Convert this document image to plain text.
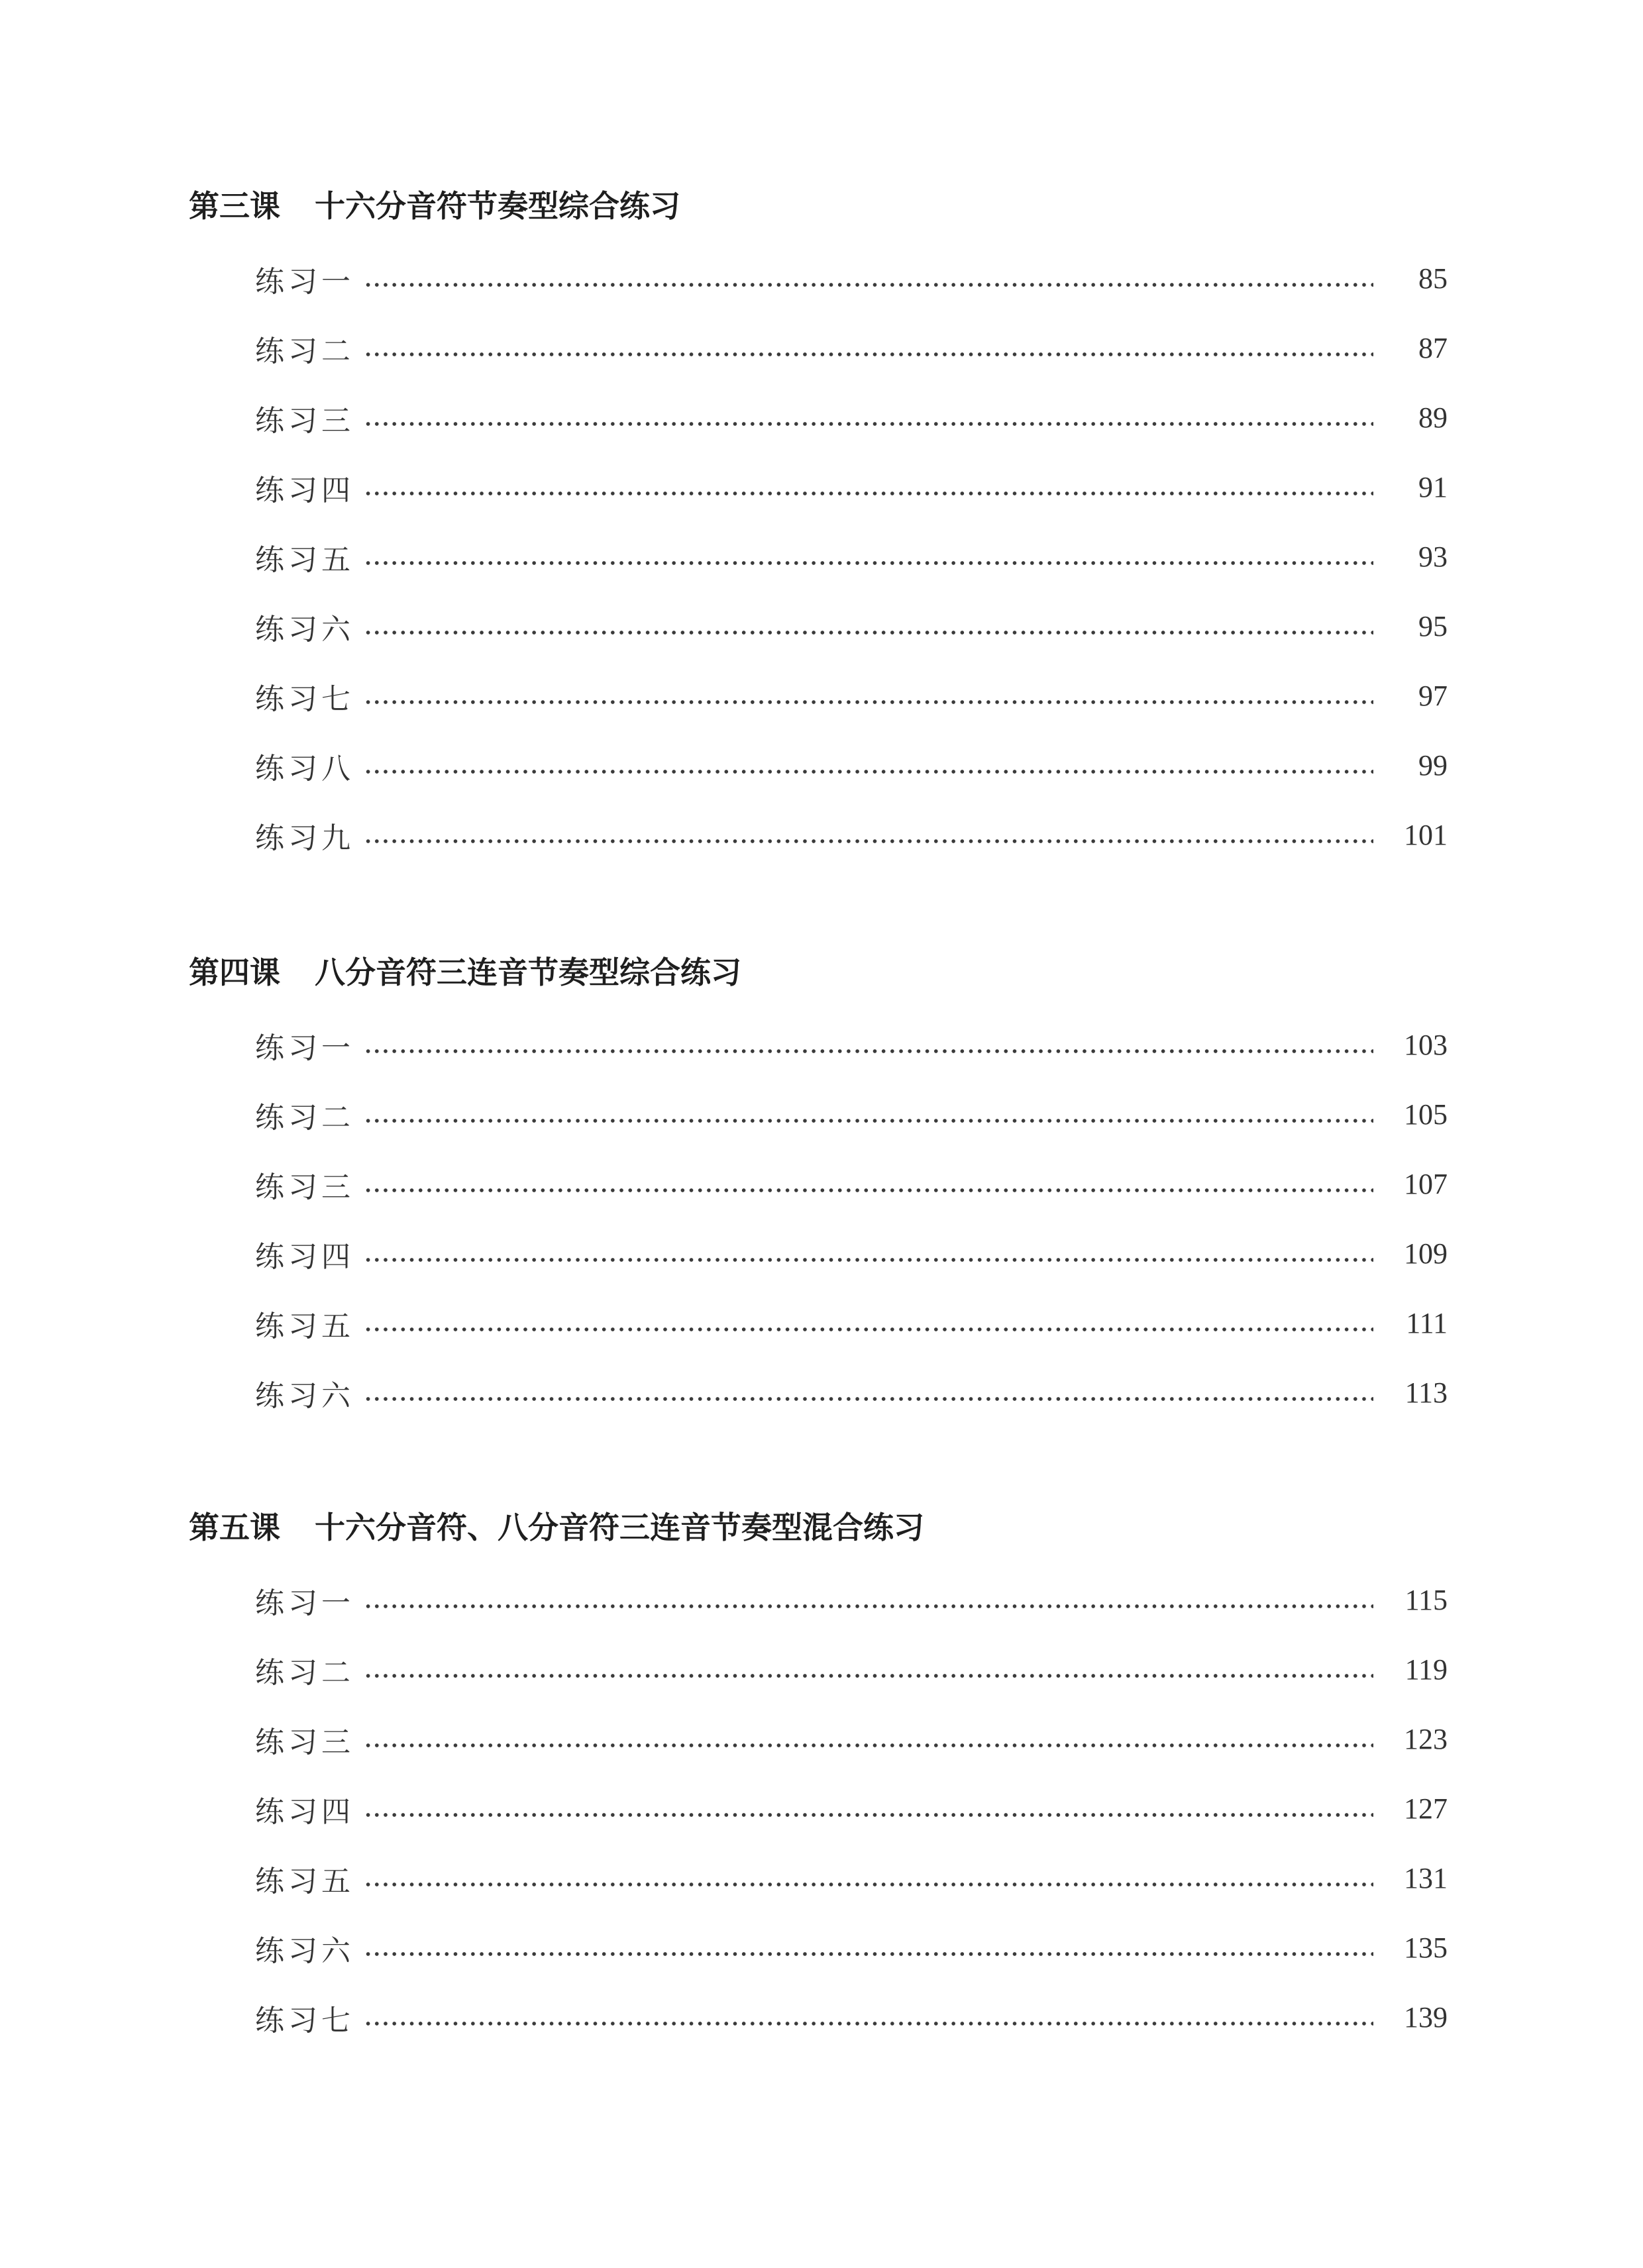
第三课 十六分音符节奏型综合练习
练习一	85
练习二	87
练习三	89
练习四	91
练习五	93
练习六	95
练习七	97
练习八	99
练习九	101
第四课 八分音符三连音节奏型综合练习
练习一	103
练习二	105
练习三	107
练习四	109
练习五	111
练习六	113
第五课 十六分音符、八分音符三连音节奏型混合练习
练习一	115
练习二	119
练习三	123
练习四	127
练习五	131
练习六	135
练习七	139
